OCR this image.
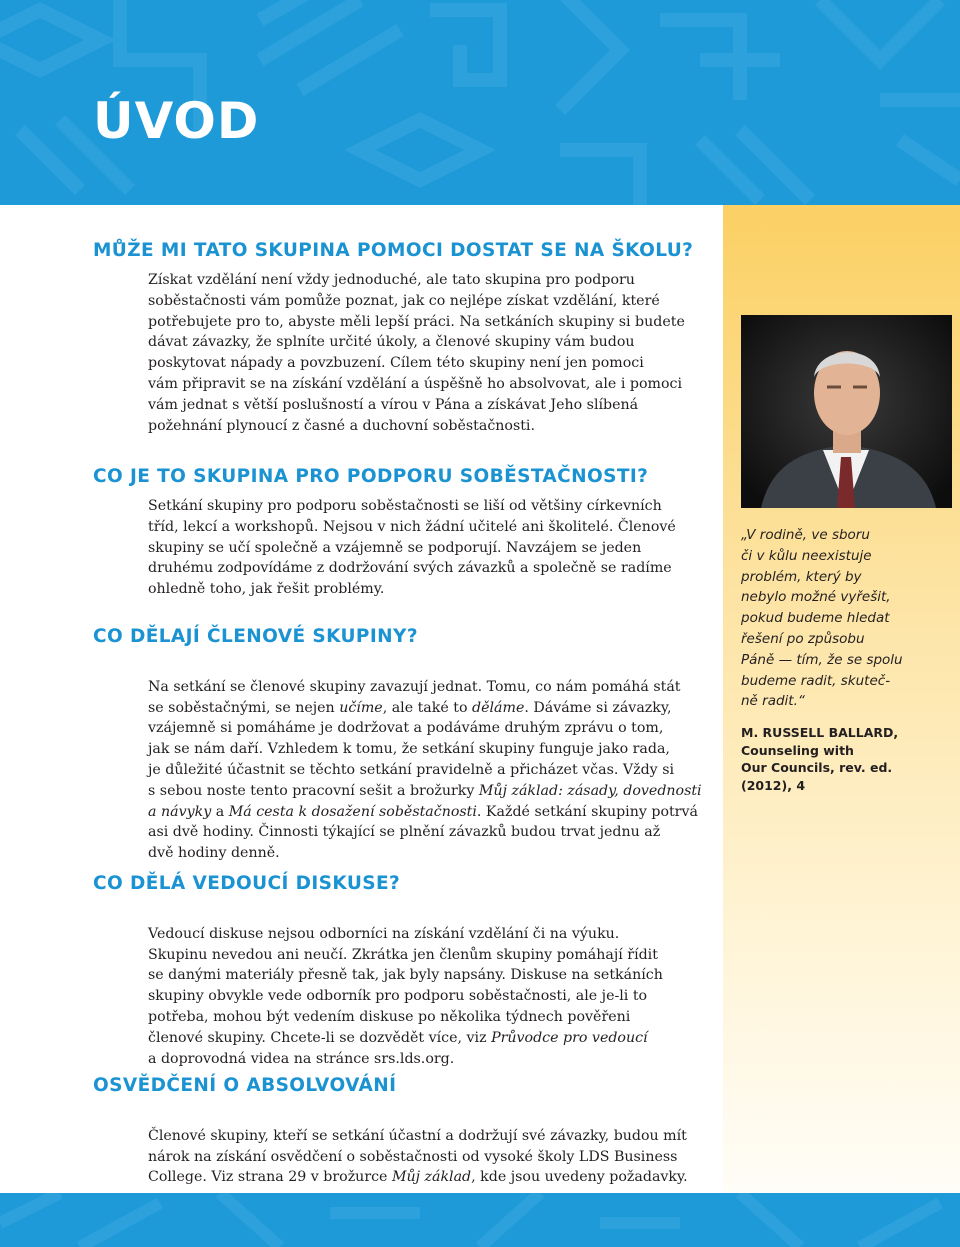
ÚVOD

„V rodině, ve sboru
či v kůlu neexistuje
problém, který by
nebylo možné vyřešit,
pokud budeme hledat
řešení po způsobu
Páně — tím, že se spolu
budeme radit, skuteč-
ně radit.“

M. RUSSELL BALLARD,
Counseling with
Our Councils, rev. ed.
(2012), 4
MŮŽE MI TATO SKUPINA POMOCI DOSTAT SE NA ŠKOLU?
Získat vzdělání není vždy jednoduché, ale tato skupina pro podporu
soběstačnosti vám pomůže poznat, jak co nejlépe získat vzdělání, které
potřebujete pro to, abyste měli lepší práci. Na setkáních skupiny si budete
dávat závazky, že splníte určité úkoly, a členové skupiny vám budou
poskytovat nápady a povzbuzení. Cílem této skupiny není jen pomoci
vám připravit se na získání vzdělání a úspěšně ho absolvovat, ale i pomoci
vám jednat s větší poslušností a vírou v Pána a získávat Jeho slíbená
požehnání plynoucí z časné a duchovní soběstačnosti.
CO JE TO SKUPINA PRO PODPORU SOBĚSTAČNOSTI?
Setkání skupiny pro podporu soběstačnosti se liší od většiny církevních
tříd, lekcí a workshopů. Nejsou v nich žádní učitelé ani školitelé. Členové
skupiny se učí společně a vzájemně se podporují. Navzájem se jeden
druhému zodpovídáme z dodržování svých závazků a společně se radíme
ohledně toho, jak řešit problémy.
CO DĚLAJÍ ČLENOVÉ SKUPINY?

Na setkání se členové skupiny zavazují jednat. Tomu, co nám pomáhá stát
se soběstačnými, se nejen učíme, ale také to děláme. Dáváme si závazky,
vzájemně si pomáháme je dodržovat a podáváme druhým zprávu o tom,
jak se nám daří. Vzhledem k tomu, že setkání skupiny funguje jako rada,
je důležité účastnit se těchto setkání pravidelně a přicházet včas. Vždy si
s sebou noste tento pracovní sešit a brožurky Můj základ: zásady, dovednosti
a návyky a Má cesta k dosažení soběstačnosti. Každé setkání skupiny potrvá
asi dvě hodiny. Činnosti týkající se plnění závazků budou trvat jednu až
dvě hodiny denně.

CO DĚLÁ VEDOUCÍ DISKUSE?

Vedoucí diskuse nejsou odborníci na získání vzdělání či na výuku.
Skupinu nevedou ani neučí. Zkrátka jen členům skupiny pomáhají řídit
se danými materiály přesně tak, jak byly napsány. Diskuse na setkáních
skupiny obvykle vede odborník pro podporu soběstačnosti, ale je-li to
potřeba, mohou být vedením diskuse po několika týdnech pověřeni
členové skupiny. Chcete-li se dozvědět více, viz Průvodce pro vedoucí
a doprovodná videa na stránce srs.lds.org.

OSVĚDČENÍ O ABSOLVOVÁNÍ

Členové skupiny, kteří se setkání účastní a dodržují své závazky, budou mít
nárok na získání osvědčení o soběstačnosti od vysoké školy LDS Business
College. Viz strana 29 v brožurce Můj základ, kde jsou uvedeny požadavky.
